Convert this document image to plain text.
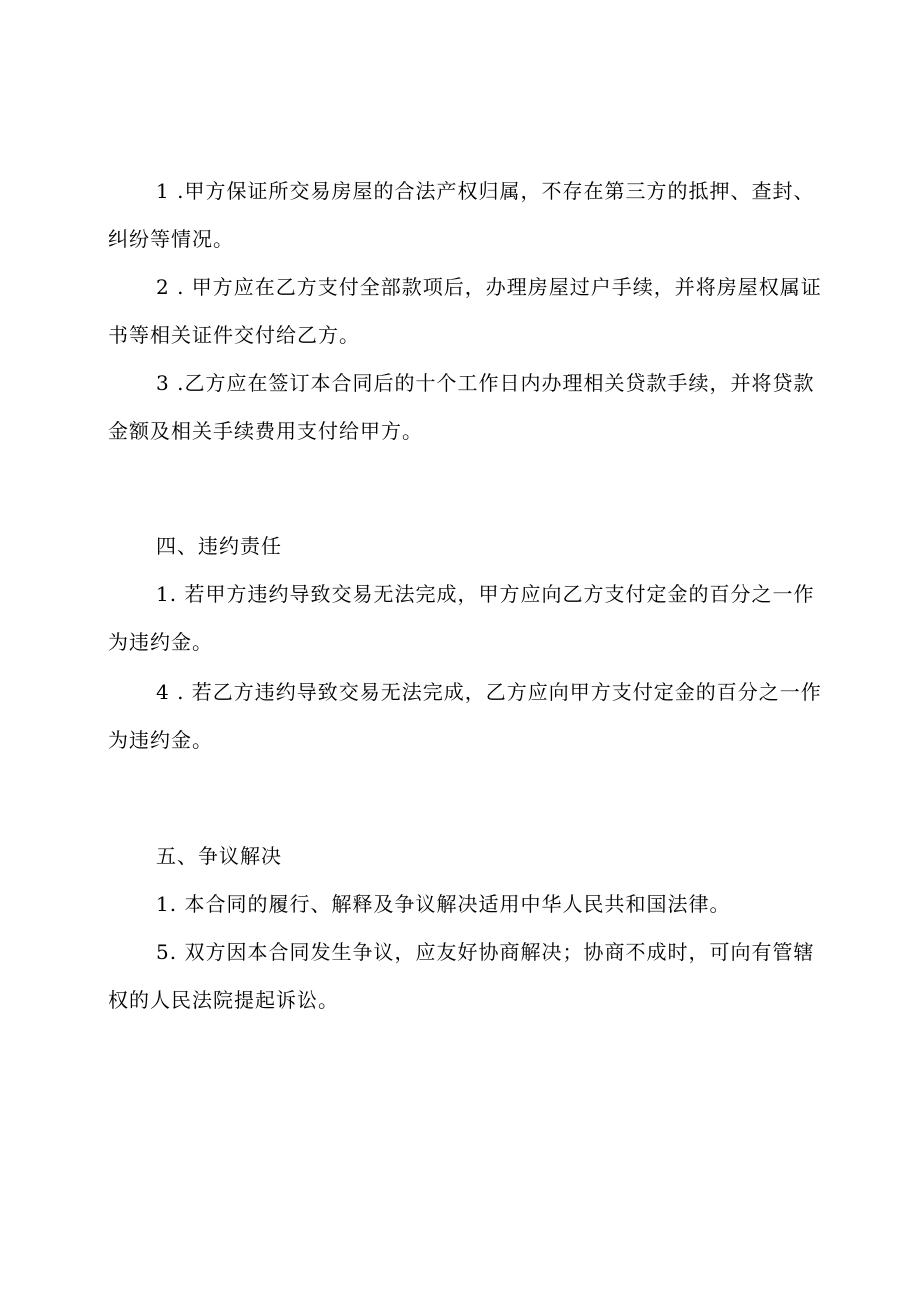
1 .甲方保证所交易房屋的合法产权归属，不存在第三方的抵押、查封、纠纷等情况。

2 . 甲方应在乙方支付全部款项后，办理房屋过户手续，并将房屋权属证书等相关证件交付给乙方。

3 .乙方应在签订本合同后的十个工作日内办理相关贷款手续，并将贷款金额及相关手续费用支付给甲方。

四、违约责任

1. 若甲方违约导致交易无法完成，甲方应向乙方支付定金的百分之一作为违约金。

4 . 若乙方违约导致交易无法完成，乙方应向甲方支付定金的百分之一作为违约金。

五、争议解决

1. 本合同的履行、解释及争议解决适用中华人民共和国法律。

5. 双方因本合同发生争议，应友好协商解决；协商不成时，可向有管辖权的人民法院提起诉讼。
